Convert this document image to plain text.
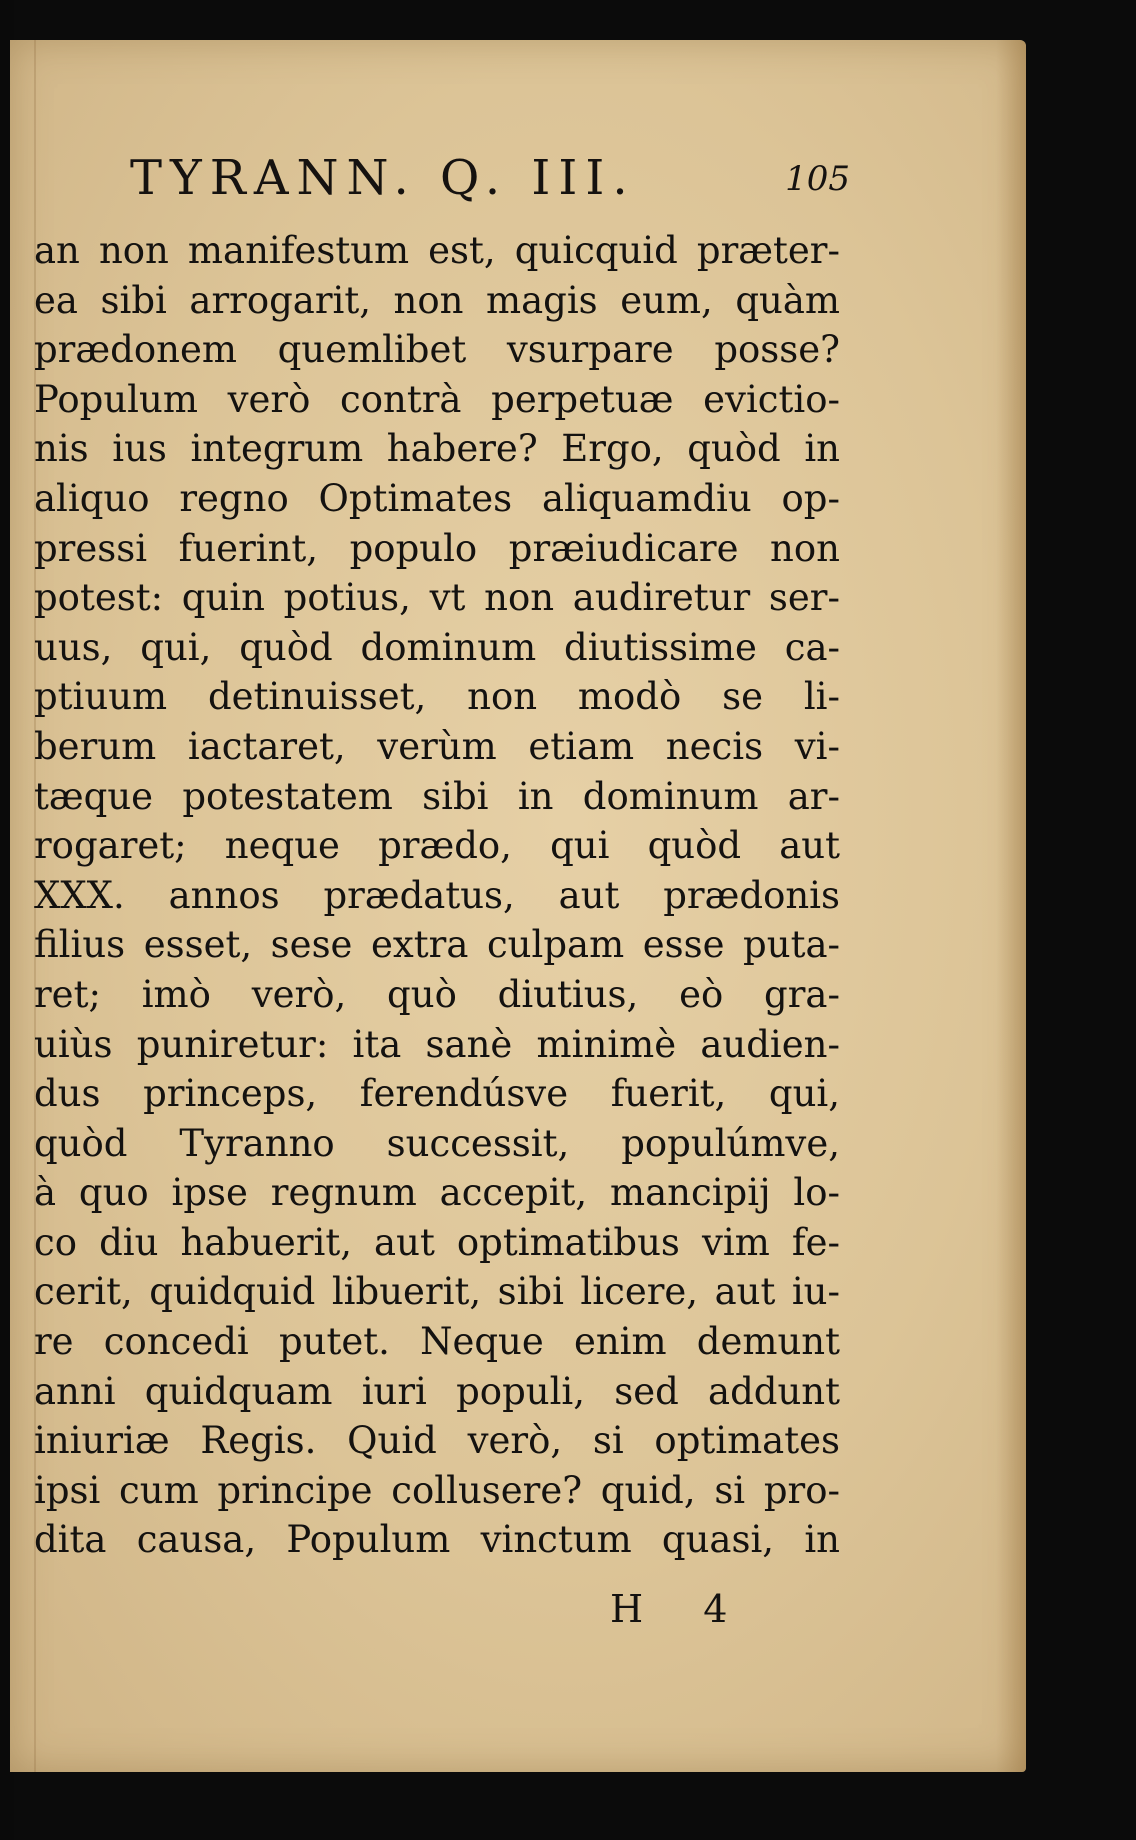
TYRANN. Q. III.	105
an non manifestum est, quicquid præter-
ea sibi arrogarit, non magis eum, quàm
prædonem quemlibet vsurpare posse?
Populum verò contrà perpetuæ evictio-
nis ius integrum habere? Ergo, quòd in
aliquo regno Optimates aliquamdiu op-
pressi fuerint, populo præiudicare non
potest: quin potius, vt non audiretur ser-
uus, qui, quòd dominum diutissime ca-
ptiuum detinuisset, non modò se li-
berum iactaret, verùm etiam necis vi-
tæque potestatem sibi in dominum ar-
rogaret; neque prædo, qui quòd aut
XXX. annos prædatus, aut prædonis
filius esset, sese extra culpam esse puta-
ret; imò verò, quò diutius, eò gra-
uiùs puniretur: ita sanè minimè audien-
dus princeps, ferendúsve fuerit, qui,
quòd Tyranno successit, populúmve,
à quo ipse regnum accepit, mancipij lo-
co diu habuerit, aut optimatibus vim fe-
cerit, quidquid libuerit, sibi licere, aut iu-
re concedi putet. Neque enim demunt
anni quidquam iuri populi, sed addunt
iniuriæ Regis. Quid verò, si optimates
ipsi cum principe collusere? quid, si pro-
dita causa, Populum vinctum quasi, in
H 4
